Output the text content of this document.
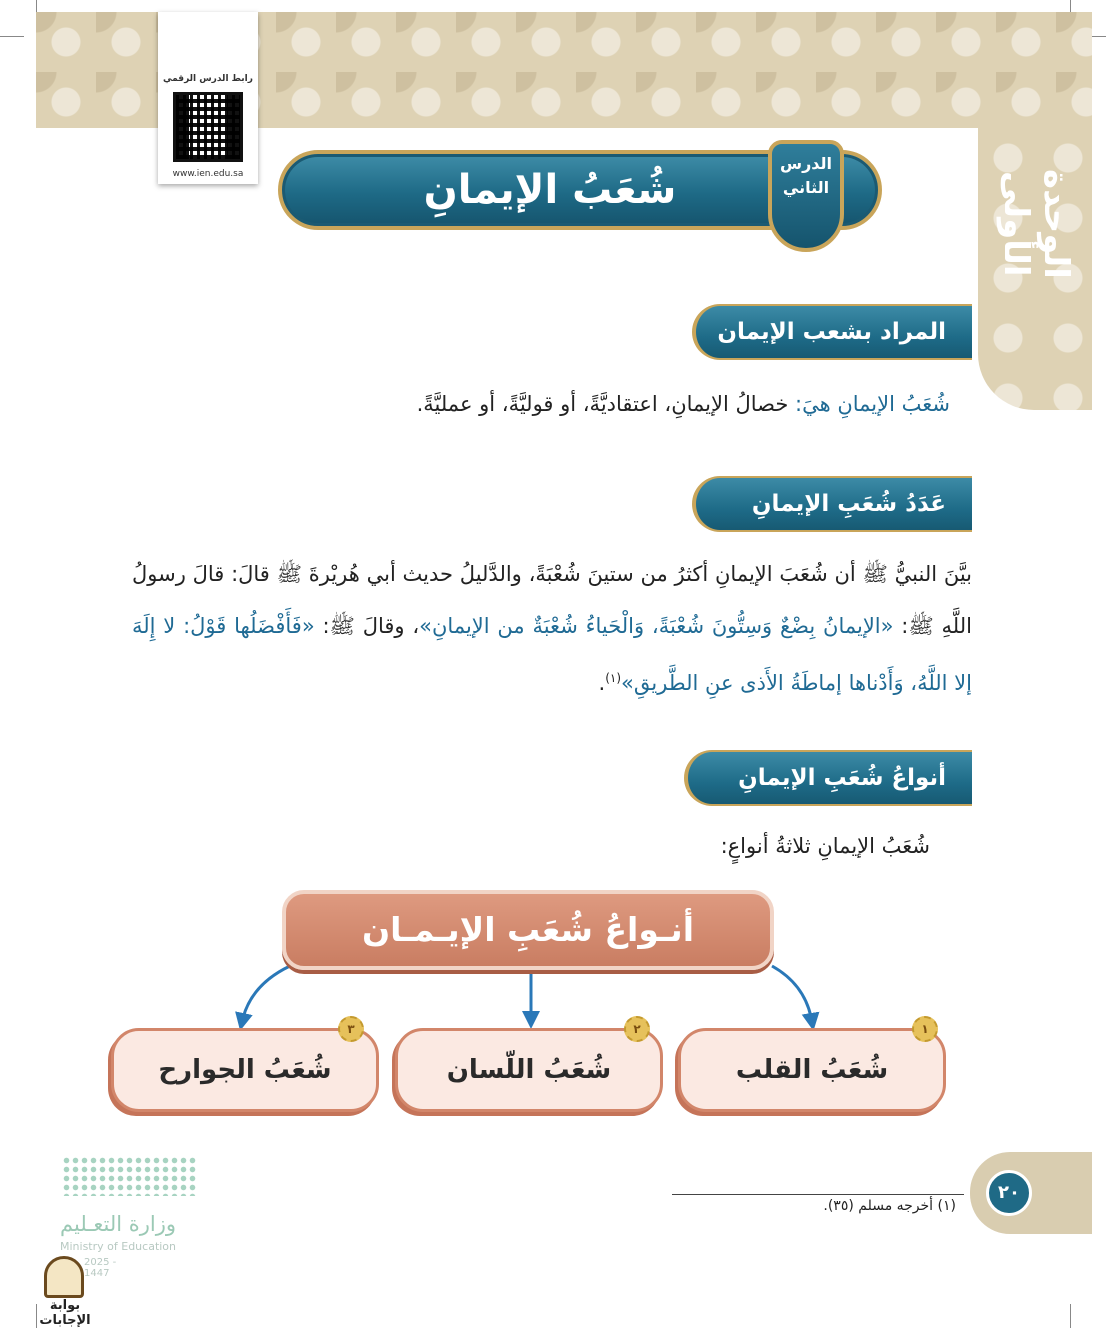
الوحدة الأولى
رابط الدرس الرقمي
www.ien.edu.sa	شُعَبُ الإيمانِ
الدرس
الثاني
المراد بشعب الإيمان
شُعَبُ الإيمانِ هيَ: خصالُ الإيمانِ، اعتقاديَّةً، أو قوليَّةً، أو عمليَّةً.
عَدَدُ شُعَبِ الإيمانِ
بيَّنَ النبيُّ ﷺ أن شُعَبَ الإيمانِ أكثرُ من ستينَ شُعْبَةً، والدَّليلُ حديث أبي هُريْرةَ ﷺ قالَ: قالَ رسولُ اللَّهِ ﷺ: «الإيمانُ بِضْعٌ وَسِتُّونَ شُعْبَةً، وَالْحَياءُ شُعْبَةٌ من الإيمانِ»، وقالَ ﷺ: «فَأَفْضَلُها قَوْلُ: لا إِلَهَ إلا اللَّهُ، وَأَدْناها إماطَةُ الأَذى عنِ الطَّريقِ»$^{(١)}$.
أنواعُ شُعَبِ الإيمانِ
شُعَبُ الإيمانِ ثلاثةُ أنواعٍ:
أنـواعُ شُعَبِ الإيـمـان
شُعَبُ القلب
١
شُعَبُ اللّسان
٢
شُعَبُ الجوارح
٣
(١) أخرجه مسلم (٣٥).
٢٠
وزارة التعـليم
Ministry of Education
2025 - 1447
بوابة الإجابات
